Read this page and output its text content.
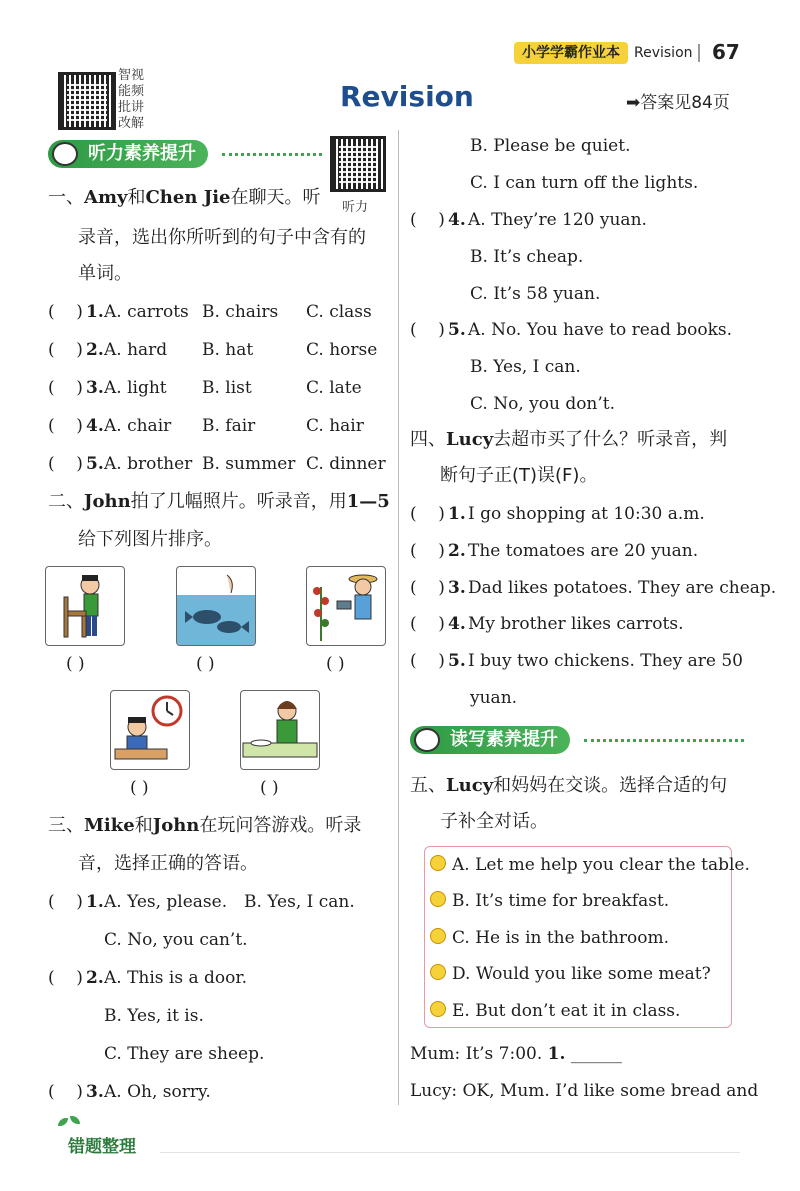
小学学霸作业本	Revision 67
智视
能频
批讲
改解
Revision	➡答案见84页
听力素养提升
听力
一、Amy和Chen Jie在聊天。听
录音，选出你所听到的句子中含有的
单词。
(    ) 1. A. carrots B. chairs C. class
(    ) 2. A. hard B. hat	C. horse
(    ) 3. A. light B. list	C. late
(    ) 4. A. chair B. fair	C. hair
(    ) 5. A. brother B. summer C. dinner
二、John拍了几幅照片。听录音，用1—5
给下列图片排序。
( )	( )	( )
( )	( )
三、Mike和John在玩问答游戏。听录
音，选择正确的答语。
(    ) 1. A. Yes, please. B. Yes, I can.
C. No, you can’t.
(    ) 2. A. This is a door.
B. Yes, it is.
C. They are sheep.
(    ) 3. A. Oh, sorry.
错题整理
B. Please be quiet.
C. I can turn off the lights.
(    ) 4. A. They’re 120 yuan.
B. It’s cheap.
C. It’s 58 yuan.
(    ) 5. A. No. You have to read books.
B. Yes, I can.
C. No, you don’t.
四、Lucy去超市买了什么？听录音，判
断句子正(T)误(F)。
(    ) 1. I go shopping at 10:30 a.m.
(    ) 2. The tomatoes are 20 yuan.
(    ) 3. Dad likes potatoes. They are cheap.
(    ) 4. My brother likes carrots.
(    ) 5. I buy two chickens. They are 50
yuan.
读写素养提升
五、Lucy和妈妈在交谈。选择合适的句
子补全对话。
A. Let me help you clear the table.
B. It’s time for breakfast.
C. He is in the bathroom.
D. Would you like some meat?
E. But don’t eat it in class.
Mum: It’s 7:00. 1. ______
Lucy: OK, Mum. I’d like some bread and
